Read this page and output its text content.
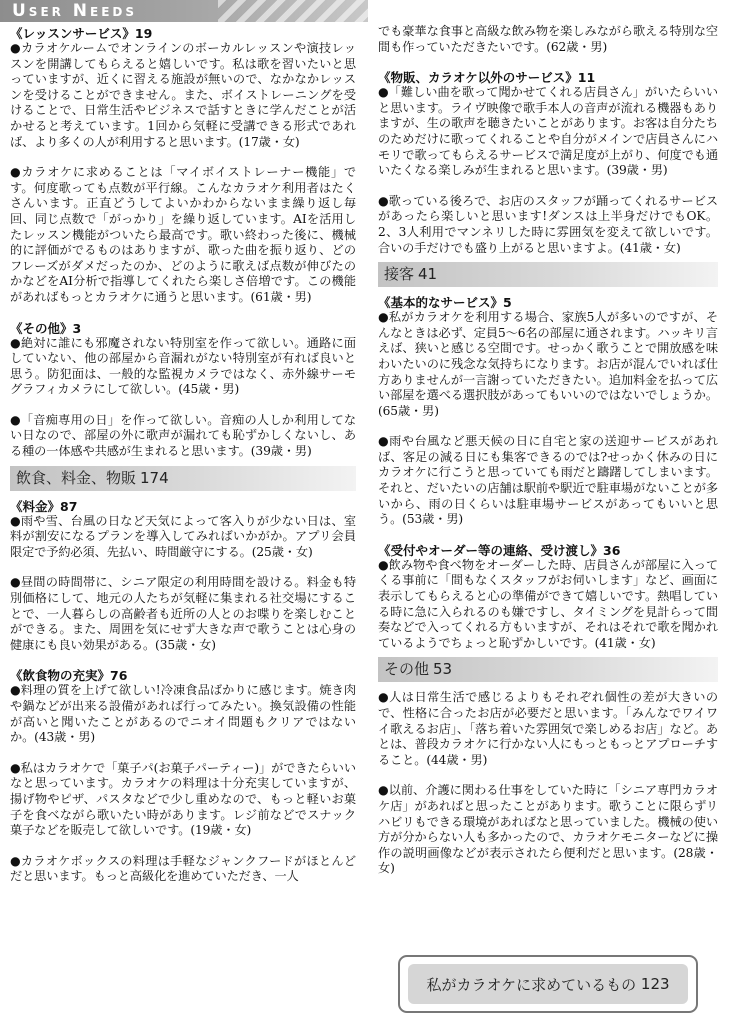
User Needs

《レッスンサービス》19

●カラオケルームでオンラインのボーカルレッスンや演技レッスンを開講してもらえると嬉しいです。私は歌を習いたいと思っていますが、近くに習える施設が無いので、なかなかレッスンを受けることができません。また、ボイストレーニングを受けることで、日常生活やビジネスで話すときに学んだことが活かせると考えています。1回から気軽に受講できる形式であれば、より多くの人が利用すると思います。(17歳・女)

●カラオケに求めることは「マイボイストレーナー機能」です。何度歌っても点数が平行線。こんなカラオケ利用者はたくさんいます。正直どうしてよいかわからないまま繰り返し毎回、同じ点数で「がっかり」を繰り返しています。AIを活用したレッスン機能がついたら最高です。歌い終わった後に、機械的に評価がでるものはありますが、歌った曲を振り返り、どのフレーズがダメだったのか、どのように歌えば点数が伸びたのかなどをAI分析で指導してくれたら楽しさ倍増です。この機能があればもっとカラオケに通うと思います。(61歳・男)

《その他》3

●絶対に誰にも邪魔されない特別室を作って欲しい。通路に面していない、他の部屋から音漏れがない特別室が有れば良いと思う。防犯面は、一般的な監視カメラではなく、赤外線サーモグラフィカメラにして欲しい。(45歳・男)

●「音痴専用の日」を作って欲しい。音痴の人しか利用してない日なので、部屋の外に歌声が漏れても恥ずかしくないし、ある種の一体感や共感が生まれると思います。(39歳・男)

飲食、料金、物販 174

《料金》87

●雨や雪、台風の日など天気によって客入りが少ない日は、室料が割安になるプランを導入してみればいかがか。アプリ会員限定で予約必須、先払い、時間厳守にする。(25歳・女)

●昼間の時間帯に、シニア限定の利用時間を設ける。料金も特別価格にして、地元の人たちが気軽に集まれる社交場にすることで、一人暮らしの高齢者も近所の人とのお喋りを楽しむことができる。また、周囲を気にせず大きな声で歌うことは心身の健康にも良い効果がある。(35歳・女)

《飲食物の充実》76

●料理の質を上げて欲しい!冷凍食品ばかりに感じます。焼き肉や鍋などが出来る設備があれば行ってみたい。換気設備の性能が高いと聞いたことがあるのでニオイ問題もクリアではないか。(43歳・男)

●私はカラオケで「菓子パ(お菓子パーティー)」ができたらいいなと思っています。カラオケの料理は十分充実していますが、揚げ物やピザ、パスタなどで少し重めなので、もっと軽いお菓子を食べながら歌いたい時があります。レジ前などでスナック菓子などを販売して欲しいです。(19歳・女)

●カラオケボックスの料理は手軽なジャンクフードがほとんどだと思います。もっと高級化を進めていただき、一人

でも豪華な食事と高級な飲み物を楽しみながら歌える特別な空間も作っていただきたいです。(62歳・男)

《物販、カラオケ以外のサービス》11

●「難しい曲を歌って聞かせてくれる店員さん」がいたらいいと思います。ライヴ映像で歌手本人の音声が流れる機器もありますが、生の歌声を聴きたいことがあります。お客は自分たちのためだけに歌ってくれることや自分がメインで店員さんにハモリで歌ってもらえるサービスで満足度が上がり、何度でも通いたくなる楽しみが生まれると思います。(39歳・男)

●歌っている後ろで、お店のスタッフが踊ってくれるサービスがあったら楽しいと思います!ダンスは上半身だけでもOK。2、3人利用でマンネリした時に雰囲気を変えて欲しいです。合いの手だけでも盛り上がると思いますよ。(41歳・女)

接客 41

《基本的なサービス》5

●私がカラオケを利用する場合、家族5人が多いのですが、そんなときは必ず、定員5〜6名の部屋に通されます。ハッキリ言えば、狭いと感じる空間です。せっかく歌うことで開放感を味わいたいのに残念な気持ちになります。お店が混んでいれば仕方ありませんが一言謝っていただきたい。追加料金を払って広い部屋を選べる選択肢があってもいいのではないでしょうか。(65歳・男)

●雨や台風など悪天候の日に自宅と家の送迎サービスがあれば、客足の減る日にも集客できるのでは?せっかく休みの日にカラオケに行こうと思っていても雨だと躊躇してしまいます。それと、だいたいの店舗は駅前や駅近で駐車場がないことが多いから、雨の日くらいは駐車場サービスがあってもいいと思う。(53歳・男)

《受付やオーダー等の連絡、受け渡し》36

●飲み物や食べ物をオーダーした時、店員さんが部屋に入ってくる事前に「間もなくスタッフがお伺いします」など、画面に表示してもらえると心の準備ができて嬉しいです。熱唱している時に急に入られるのも嫌ですし、タイミングを見計らって間奏などで入ってくれる方もいますが、それはそれで歌を聞かれているようでちょっと恥ずかしいです。(41歳・女)

その他 53

●人は日常生活で感じるよりもそれぞれ個性の差が大きいので、性格に合ったお店が必要だと思います。「みんなでワイワイ歌えるお店」、「落ち着いた雰囲気で楽しめるお店」など。あとは、普段カラオケに行かない人にもっともっとアプローチすること。(44歳・男)

●以前、介護に関わる仕事をしていた時に「シニア専門カラオケ店」があればと思ったことがあります。歌うことに限らずリハビリもできる環境があればなと思っていました。機械の使い方が分からない人も多かったので、カラオケモニターなどに操作の説明画像などが表示されたら便利だと思います。(28歳・女)

私がカラオケに求めているもの
123
